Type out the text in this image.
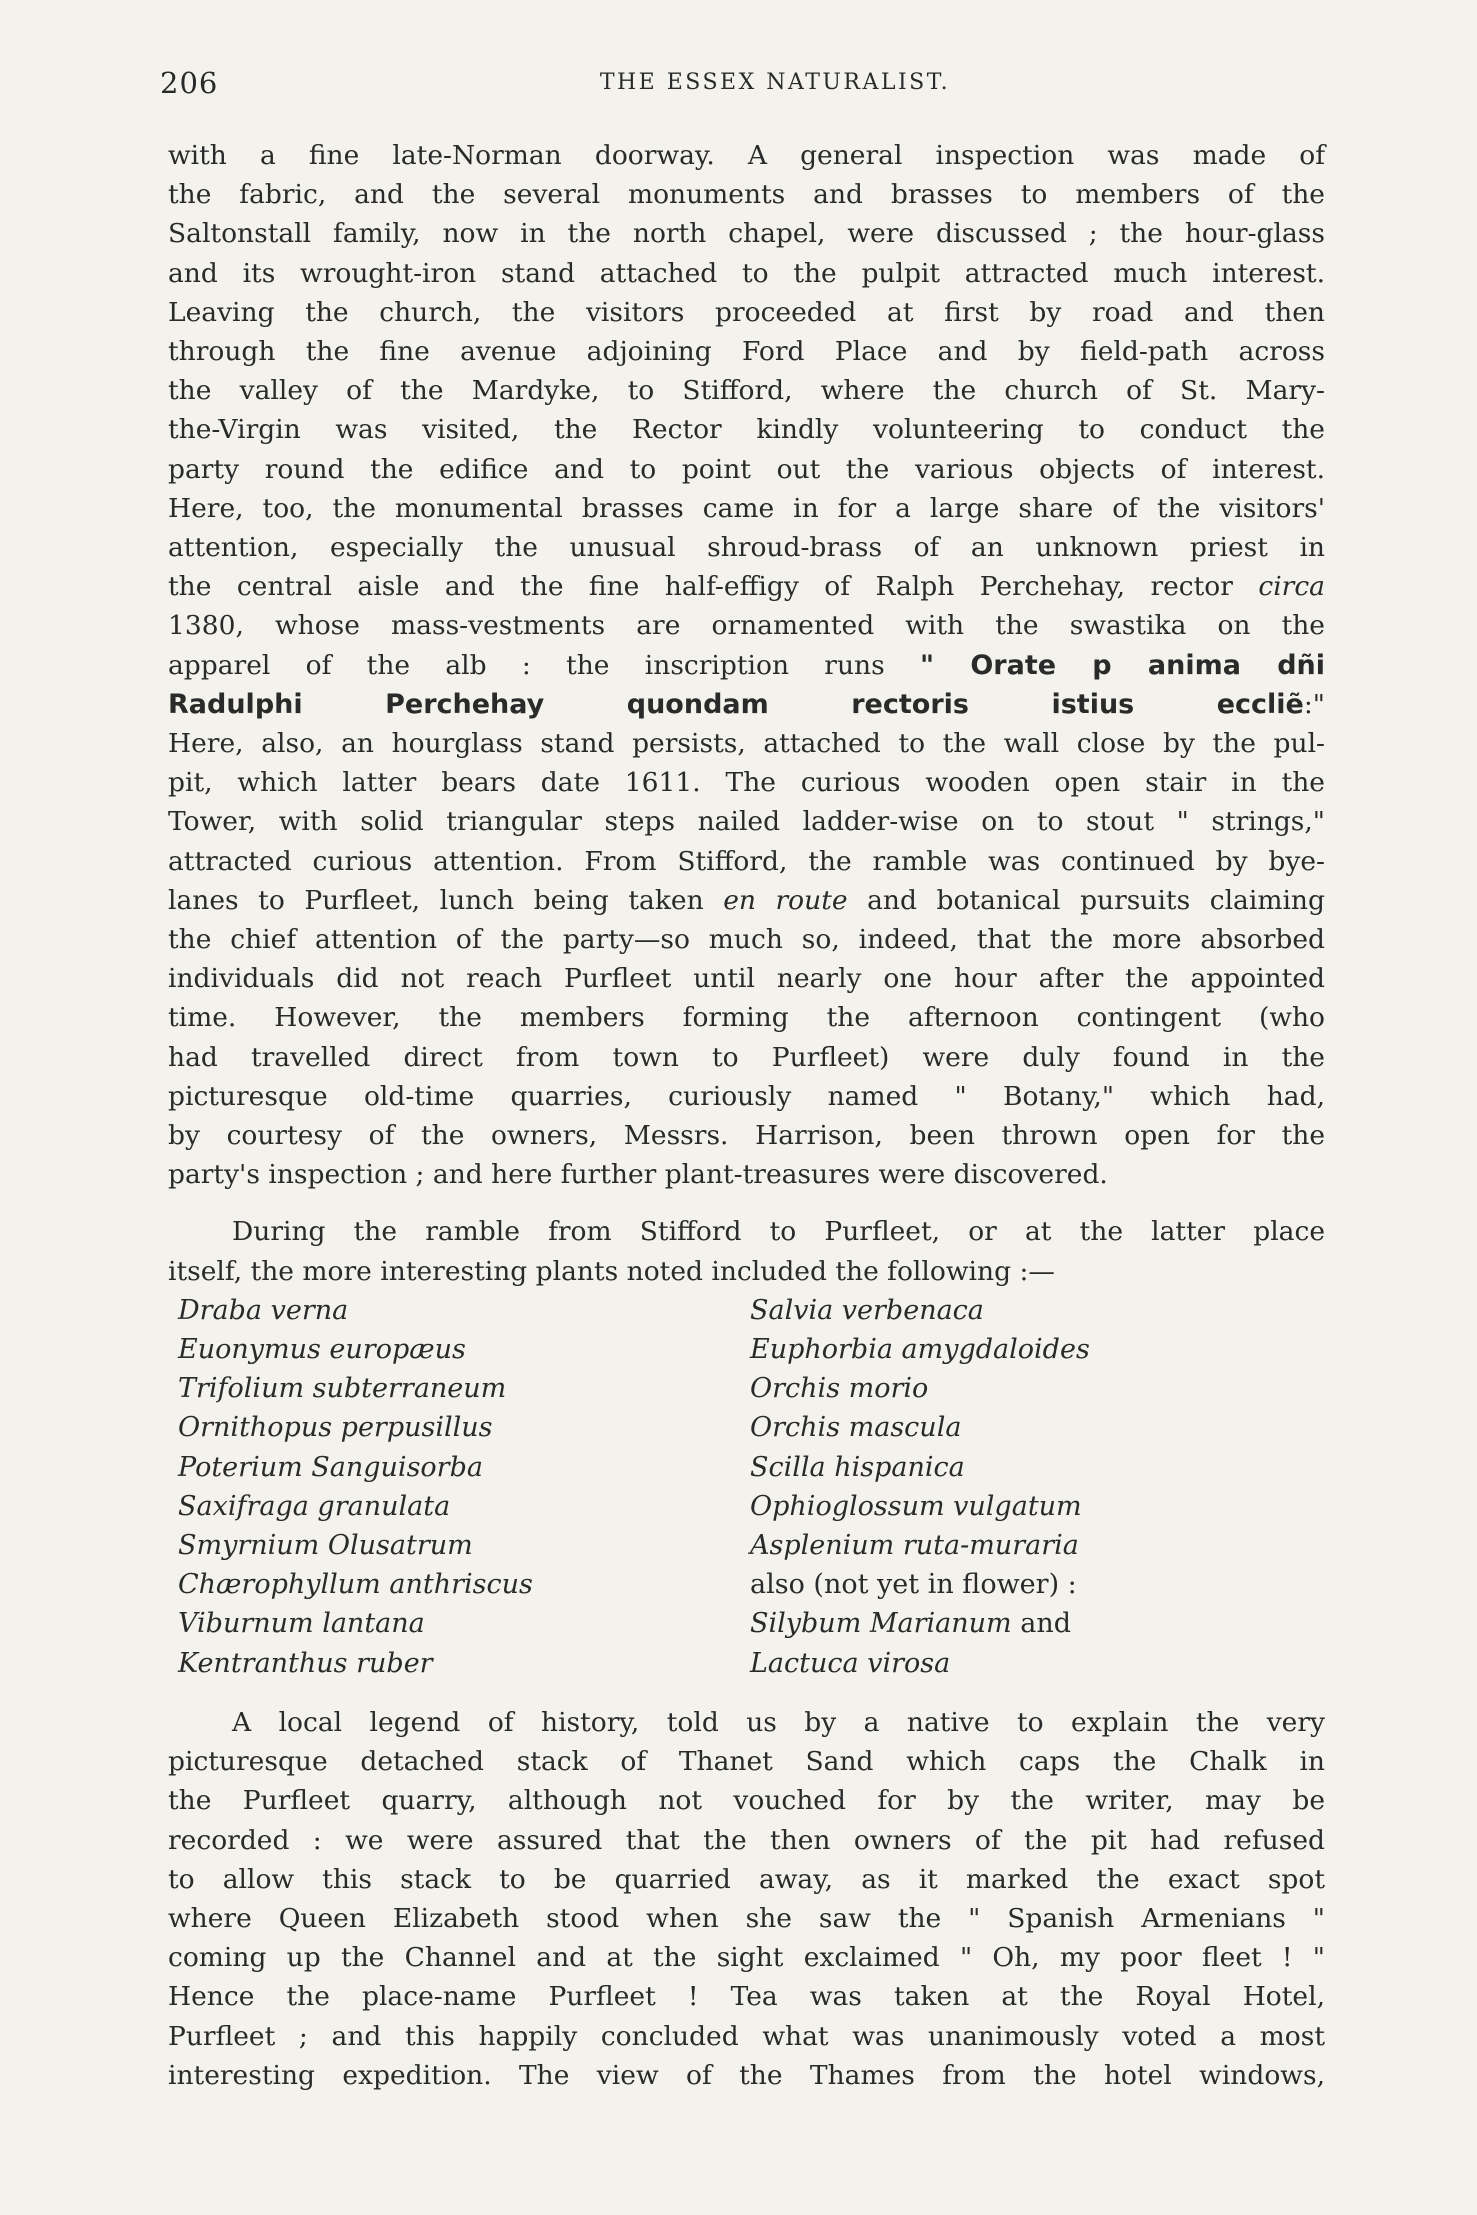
206	THE ESSEX NATURALIST.
with a fine late-Norman doorway. A general inspection was made of
the fabric, and the several monuments and brasses to members of the
Saltonstall family, now in the north chapel, were discussed ; the hour-glass
and its wrought-iron stand attached to the pulpit attracted much interest.
Leaving the church, the visitors proceeded at first by road and then
through the fine avenue adjoining Ford Place and by field-path across
the valley of the Mardyke, to Stifford, where the church of St. Mary-
the-Virgin was visited, the Rector kindly volunteering to conduct the
party round the edifice and to point out the various objects of interest.
Here, too, the monumental brasses came in for a large share of the visitors'
attention, especially the unusual shroud-brass of an unknown priest in
the central aisle and the fine half-effigy of Ralph Perchehay, rector circa
1380, whose mass-vestments are ornamented with the swastika on the
apparel of the alb : the inscription runs " Orate p anima dñi
Radulphi Perchehay quondam rectoris istius eccliẽ:"
Here, also, an hourglass stand persists, attached to the wall close by the pul-
pit, which latter bears date 1611. The curious wooden open stair in the
Tower, with solid triangular steps nailed ladder-wise on to stout " strings,"
attracted curious attention. From Stifford, the ramble was continued by bye-
lanes to Purfleet, lunch being taken en route and botanical pursuits claiming
the chief attention of the party—so much so, indeed, that the more absorbed
individuals did not reach Purfleet until nearly one hour after the appointed
time. However, the members forming the afternoon contingent (who
had travelled direct from town to Purfleet) were duly found in the
picturesque old-time quarries, curiously named " Botany," which had,
by courtesy of the owners, Messrs. Harrison, been thrown open for the
party's inspection ; and here further plant-treasures were discovered.
During the ramble from Stifford to Purfleet, or at the latter place
itself, the more interesting plants noted included the following :—
Draba verna
Euonymus europæus
Trifolium subterraneum
Ornithopus perpusillus
Poterium Sanguisorba
Saxifraga granulata
Smyrnium Olusatrum
Chærophyllum anthriscus
Viburnum lantana
Kentranthus ruber
Salvia verbenaca
Euphorbia amygdaloides
Orchis morio
Orchis mascula
Scilla hispanica
Ophioglossum vulgatum
Asplenium ruta-muraria
also (not yet in flower) :
Silybum Marianum and
Lactuca virosa
A local legend of history, told us by a native to explain the very
picturesque detached stack of Thanet Sand which caps the Chalk in
the Purfleet quarry, although not vouched for by the writer, may be
recorded : we were assured that the then owners of the pit had refused
to allow this stack to be quarried away, as it marked the exact spot
where Queen Elizabeth stood when she saw the " Spanish Armenians "
coming up the Channel and at the sight exclaimed " Oh, my poor fleet ! "
Hence the place-name Purfleet ! Tea was taken at the Royal Hotel,
Purfleet ; and this happily concluded what was unanimously voted a most
interesting expedition. The view of the Thames from the hotel windows,
